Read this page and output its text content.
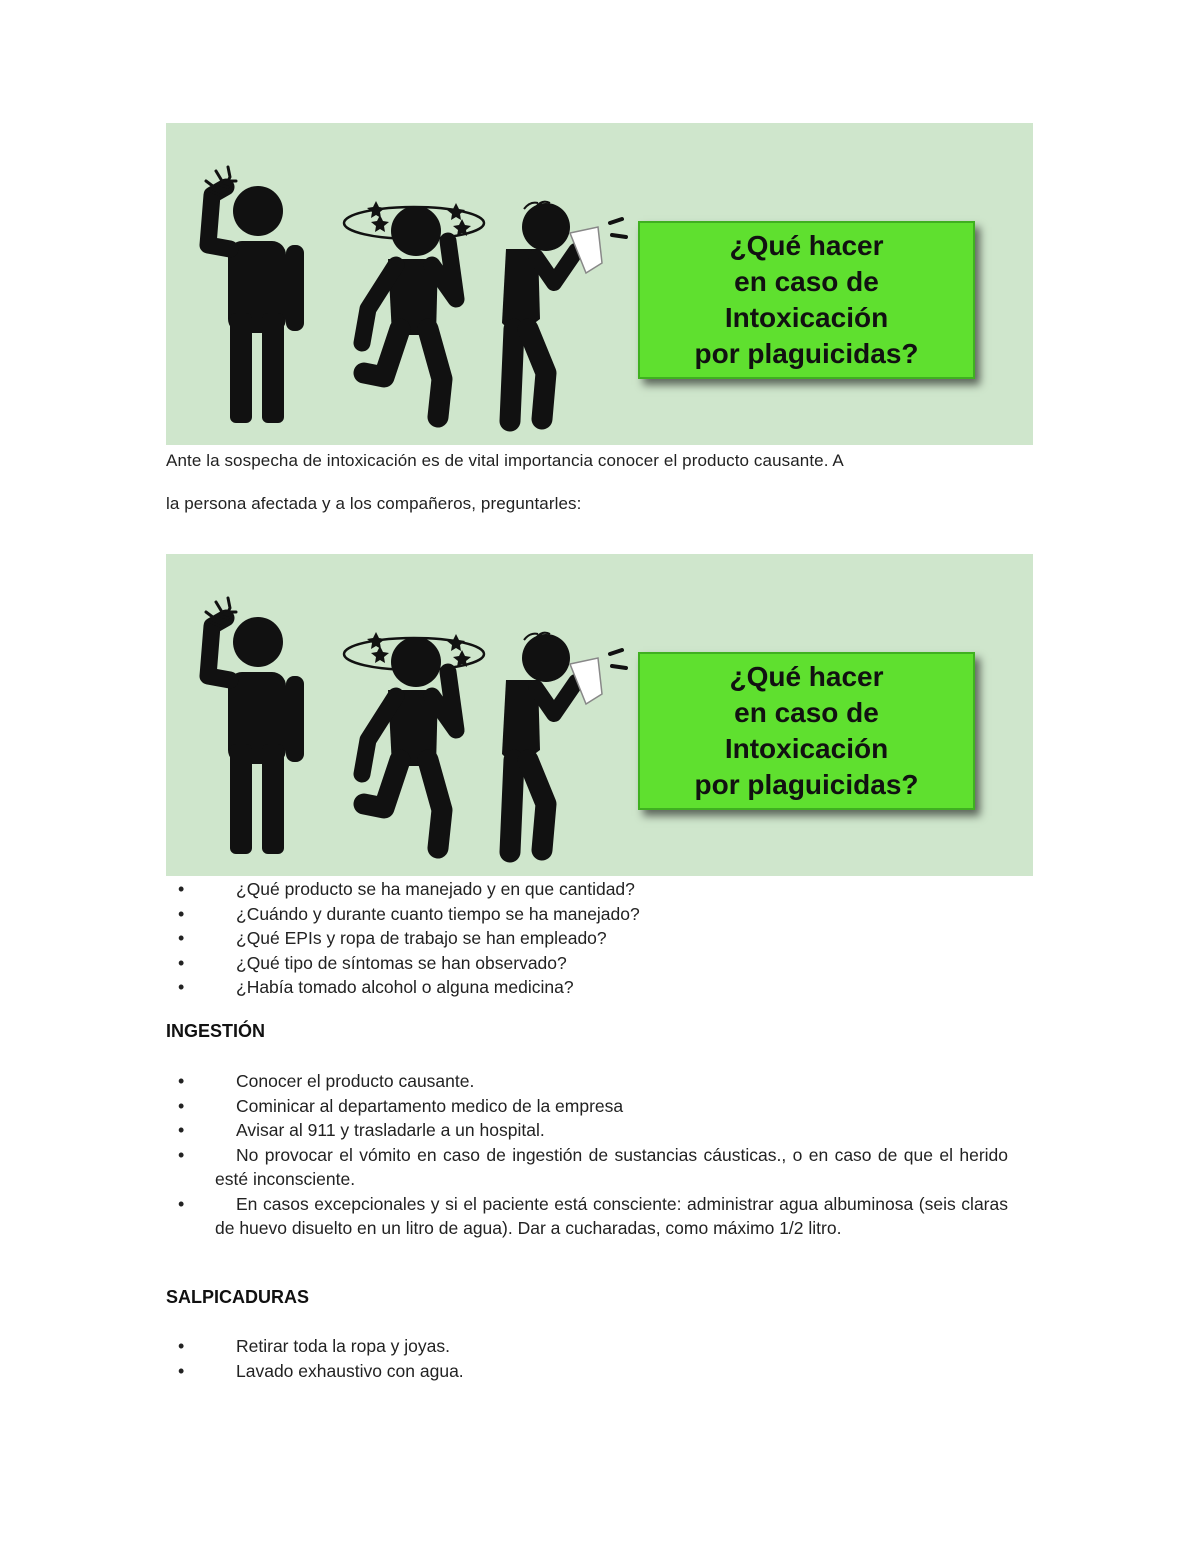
¿Qué hacer
en caso de
Intoxicación
por plaguicidas?

Ante la sospecha de intoxicación es de vital importancia conocer el producto causante. A

la persona afectada y a los compañeros, preguntarles:

¿Qué hacer
en caso de
Intoxicación
por plaguicidas?
•	¿Qué producto se ha manejado y en que cantidad?
•	¿Cuándo y durante cuanto tiempo se ha manejado?
•	¿Qué EPIs y ropa de trabajo se han empleado?
•	¿Qué tipo de síntomas se han observado?
•	¿Había tomado alcohol o alguna medicina?
INGESTIÓN
•	Conocer el producto causante.
•	Cominicar al departamento medico de la empresa
•	Avisar al 911 y trasladarle a un hospital.
•	No provocar el vómito en caso de ingestión de sustancias cáusticas., o en caso de que el herido esté inconsciente.
•	En casos excepcionales y si el paciente está consciente: administrar agua albuminosa (seis claras de huevo disuelto en un litro de agua). Dar a cucharadas, como máximo 1/2 litro.
SALPICADURAS
•	Retirar toda la ropa y joyas.
•	Lavado exhaustivo con agua.
